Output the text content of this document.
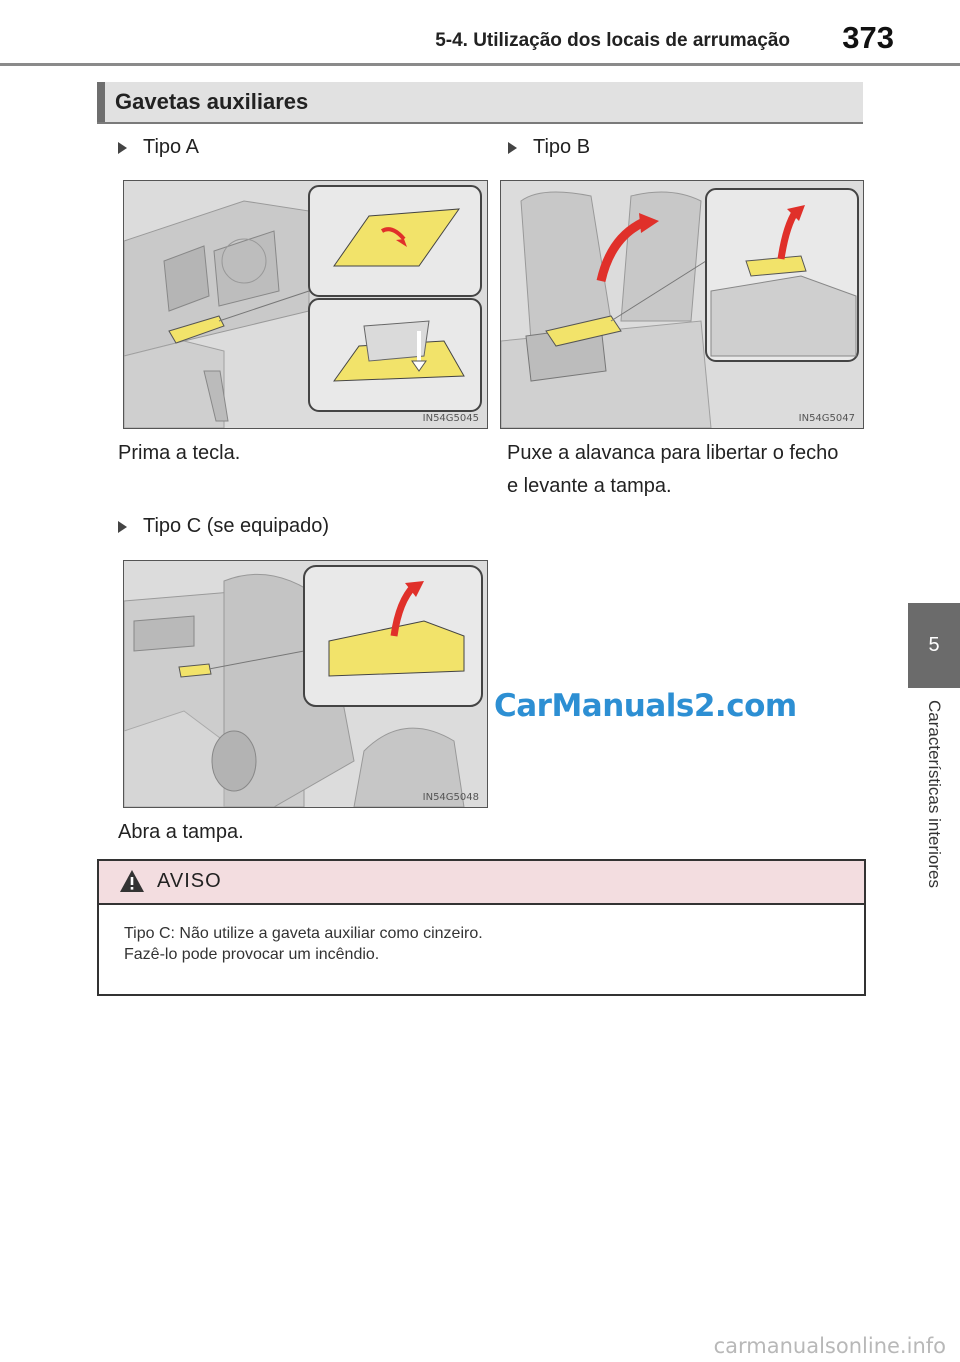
5-4. Utilização dos locais de arrumação 373
5
Características interiores
Gavetas auxiliares
Tipo A
IN54G5045
Prima a tecla.
Tipo B
IN54G5047
Puxe a alavanca para libertar o fecho
e levante a tampa.
Tipo C (se equipado)
IN54G5048
Abra a tampa.
CarManuals2.com
AVISO
Tipo C: Não utilize a gaveta auxiliar como cinzeiro.
Fazê-lo pode provocar um incêndio.
carmanualsonline.info
